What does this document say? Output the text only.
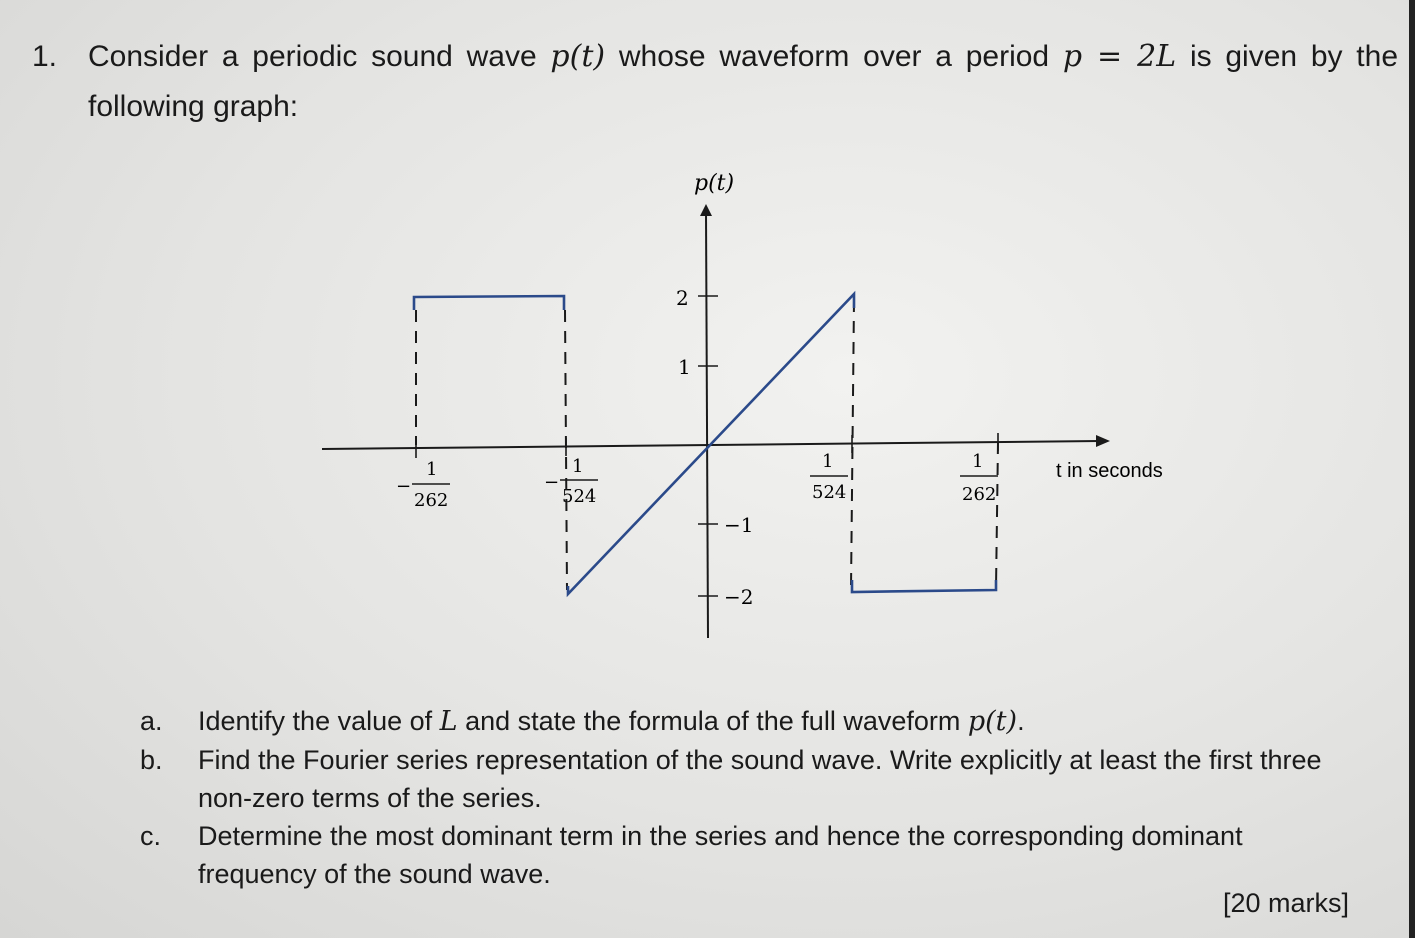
1. Consider a periodic sound wave p(t) whose waveform over a period p = 2L is given by the following graph:
2
1
−1
−2
p(t)
t in seconds
−
1
262
−
1
524
1
524
1
262
a.	Identify the value of L and state the formula of the full waveform p(t).
b.	Find the Fourier series representation of the sound wave. Write explicitly at least the first three non-zero terms of the series.
c.	Determine the most dominant term in the series and hence the corresponding dominant frequency of the sound wave.
[20 marks]
